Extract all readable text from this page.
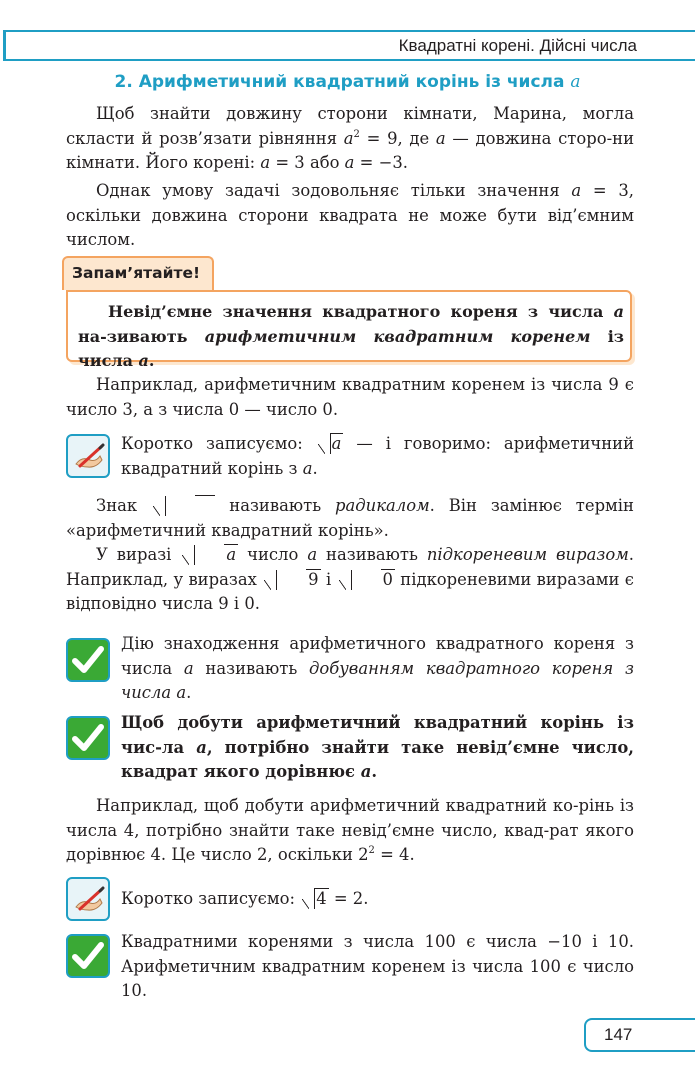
Квадратні корені. Дійсні числа
2. Арифметичний квадратний корінь із числа a
Щоб знайти довжину сторони кімнати, Марина, могла скласти й розв’язати рівняння $a^2 = 9$, де a — довжина сторо-ни кімнати. Його корені: a = 3 або a = −3.
Однак умову задачі зодовольняє тільки значення a = 3, оскільки довжина сторони квадрата не може бути від’ємним числом.
Запам’ятайте!
Невід’ємне значення квадратного кореня з числа a на-зивають арифметичним квадратним коренем із числа a.
Наприклад, арифметичним квадратним коренем із числа 9 є число 3, а з числа 0 — число 0.
Коротко записуємо: a — і говоримо: арифметичний квадратний корінь з a.
Знак  	називають радикалом. Він замінює термін «арифметичний квадратний корінь».
У виразі	a число a називають підкореневим виразом. Наприклад, у виразах	9 і	0 підкореневими виразами є відповідно числа 9 і 0.
Дію знаходження арифметичного квадратного кореня з числа a називають добуванням квадратного кореня з числа a.
Щоб добути арифметичний квадратний корінь із чис-ла a, потрібно знайти таке невід’ємне число, квадрат якого дорівнює a.
Наприклад, щоб добути арифметичний квадратний ко-рінь із числа 4, потрібно знайти таке невід’ємне число, квад-рат якого дорівнює 4. Це число 2, оскільки $2^2 = 4$.
Коротко записуємо: 4 = 2.
Квадратними коренями з числа 100 є числа −10 і 10. Арифметичним квадратним коренем із числа 100 є число 10.
147
